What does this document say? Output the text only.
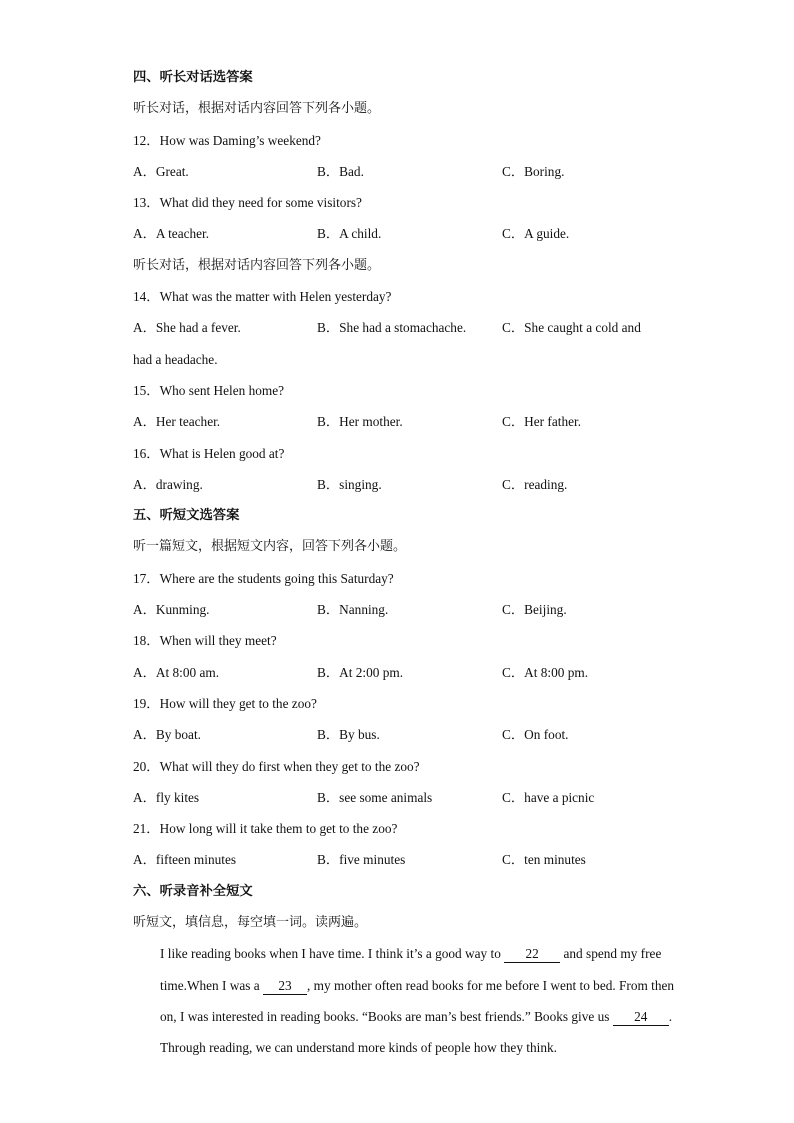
四、听长对话选答案
听长对话，根据对话内容回答下列各小题。
12．How was Daming’s weekend?
A．Great.	B．Bad.	C．Boring.
13．What did they need for some visitors?
A．A teacher.	B．A child.	C．A guide.
听长对话，根据对话内容回答下列各小题。
14．What was the matter with Helen yesterday?
A．She had a fever.	B．She had a stomachache.	C．She caught a cold and
had a headache.
15．Who sent Helen home?
A．Her teacher.	B．Her mother.	C．Her father.
16．What is Helen good at?
A．drawing.	B．singing.	C．reading.
五、听短文选答案
听一篇短文，根据短文内容，回答下列各小题。
17．Where are the students going this Saturday?
A．Kunming.	B．Nanning.	C．Beijing.
18．When will they meet?
A．At 8:00 am.	B．At 2:00 pm.	C．At 8:00 pm.
19．How will they get to the zoo?
A．By boat.	B．By bus.	C．On foot.
20．What will they do first when they get to the zoo?
A．fly kites	B．see some animals	C．have a picnic
21．How long will it take them to get to the zoo?
A．fifteen minutes	B．five minutes	C．ten minutes
六、听录音补全短文
听短文，填信息，每空填一词。读两遍。
I like reading books when I have time. I think it’s a good way to 22 and spend my free time.When I was a 23 , my mother often read books for me before I went to bed. From then on, I was interested in reading books. “Books are man’s best friends.” Books give us 24 . Through reading, we can understand more kinds of people how they think.
